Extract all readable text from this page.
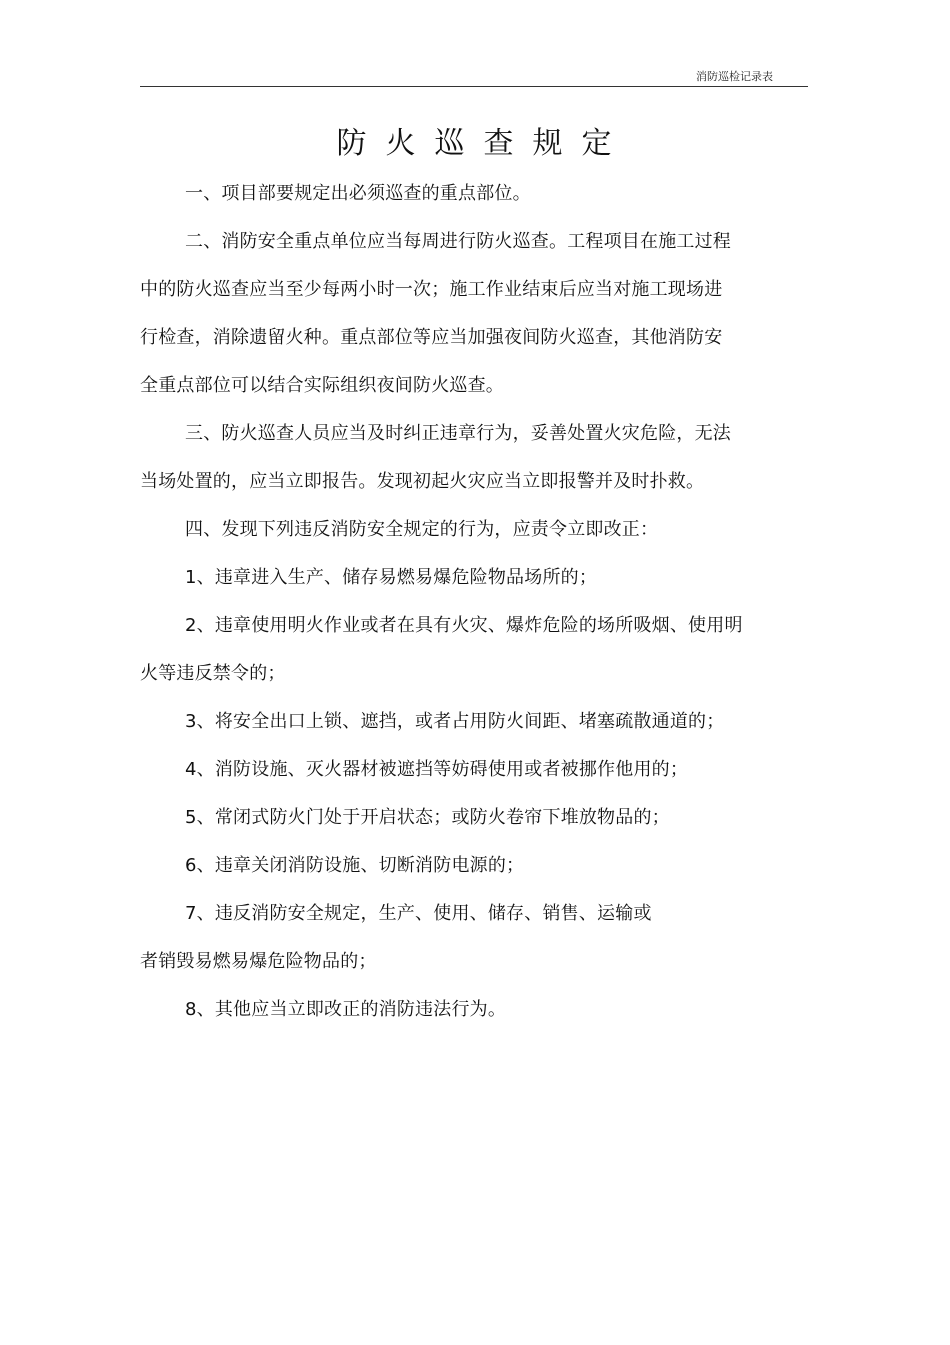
消防巡检记录表
防火巡查规定
一、项目部要规定出必须巡查的重点部位。
二、消防安全重点单位应当每周进行防火巡查。工程项目在施工过程
中的防火巡查应当至少每两小时一次；施工作业结束后应当对施工现场进
行检查，消除遗留火种。重点部位等应当加强夜间防火巡查，其他消防安
全重点部位可以结合实际组织夜间防火巡查。
三、防火巡查人员应当及时纠正违章行为，妥善处置火灾危险，无法
当场处置的，应当立即报告。发现初起火灾应当立即报警并及时扑救。
四、发现下列违反消防安全规定的行为，应责令立即改正：
1、违章进入生产、储存易燃易爆危险物品场所的；
2、违章使用明火作业或者在具有火灾、爆炸危险的场所吸烟、使用明
火等违反禁令的；
3、将安全出口上锁、遮挡，或者占用防火间距、堵塞疏散通道的；
4、消防设施、灭火器材被遮挡等妨碍使用或者被挪作他用的；
5、常闭式防火门处于开启状态；或防火卷帘下堆放物品的；
6、违章关闭消防设施、切断消防电源的；
7、违反消防安全规定，生产、使用、储存、销售、运输或
者销毁易燃易爆危险物品的；
8、其他应当立即改正的消防违法行为。
